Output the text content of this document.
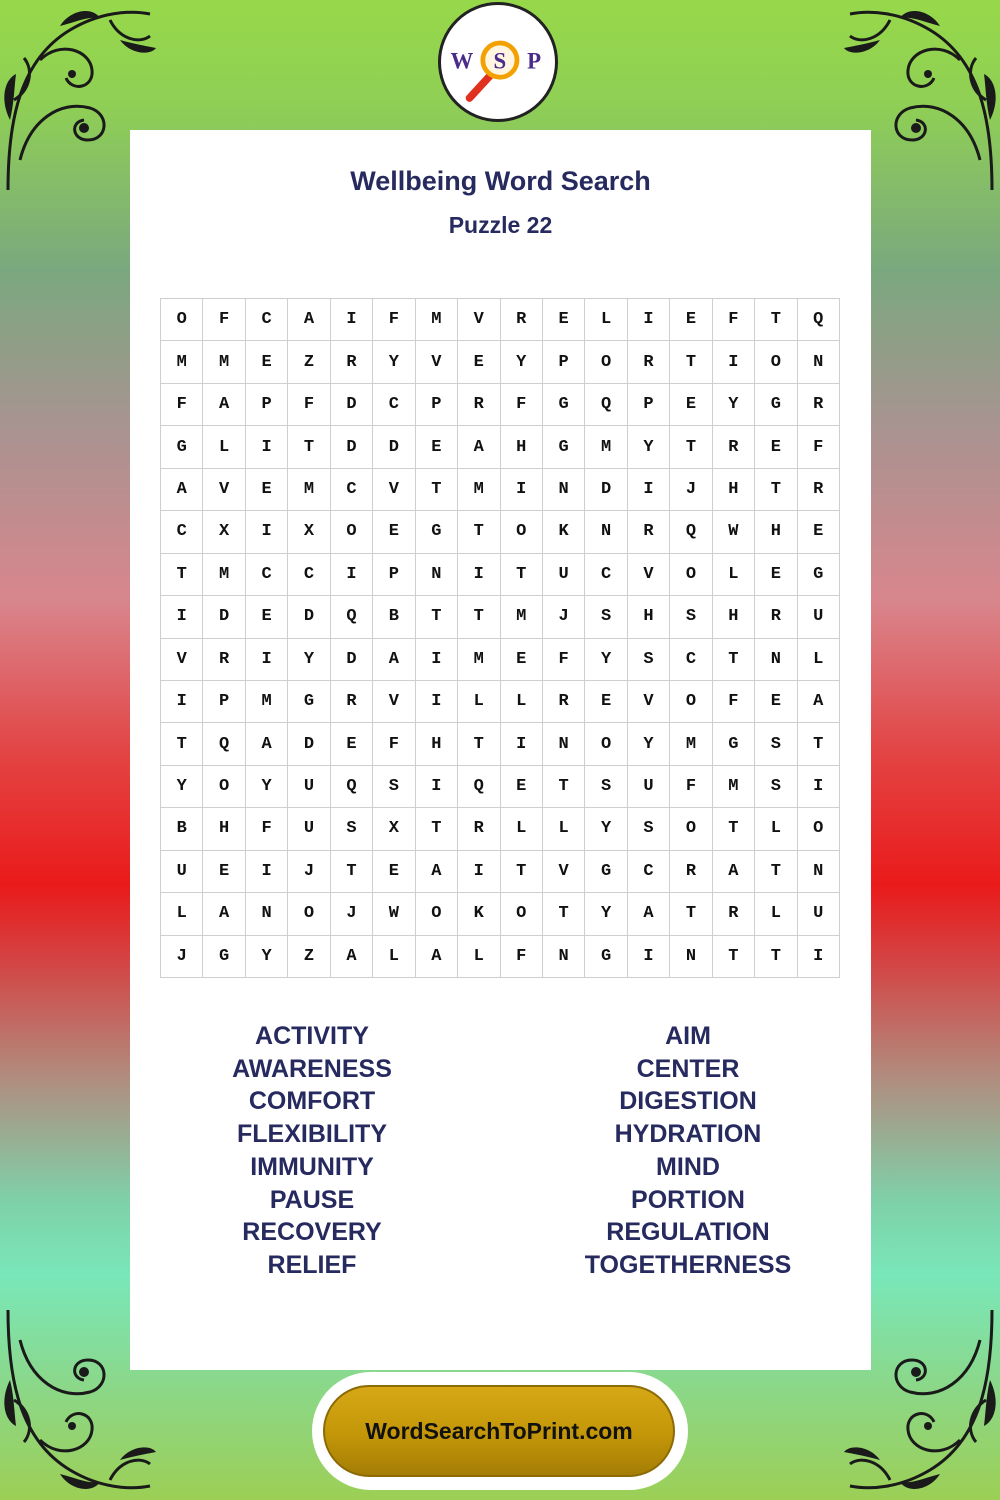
W S P
Wellbeing Word Search
Puzzle 22
O	F	C	A	I	F	M	V	R	E	L	I	E	F	T	Q
M	M	E	Z	R	Y	V	E	Y	P	O	R	T	I	O	N
F	A	P	F	D	C	P	R	F	G	Q	P	E	Y	G	R
G	L	I	T	D	D	E	A	H	G	M	Y	T	R	E	F
A	V	E	M	C	V	T	M	I	N	D	I	J	H	T	R
C	X	I	X	O	E	G	T	O	K	N	R	Q	W	H	E
T	M	C	C	I	P	N	I	T	U	C	V	O	L	E	G
I	D	E	D	Q	B	T	T	M	J	S	H	S	H	R	U
V	R	I	Y	D	A	I	M	E	F	Y	S	C	T	N	L
I	P	M	G	R	V	I	L	L	R	E	V	O	F	E	A
T	Q	A	D	E	F	H	T	I	N	O	Y	M	G	S	T
Y	O	Y	U	Q	S	I	Q	E	T	S	U	F	M	S	I
B	H	F	U	S	X	T	R	L	L	Y	S	O	T	L	O
U	E	I	J	T	E	A	I	T	V	G	C	R	A	T	N
L	A	N	O	J	W	O	K	O	T	Y	A	T	R	L	U
J	G	Y	Z	A	L	A	L	F	N	G	I	N	T	T	I
ACTIVITY
AWARENESS
COMFORT
FLEXIBILITY
IMMUNITY
PAUSE
RECOVERY
RELIEF
AIM
CENTER
DIGESTION
HYDRATION
MIND
PORTION
REGULATION
TOGETHERNESS
WordSearchToPrint.com
